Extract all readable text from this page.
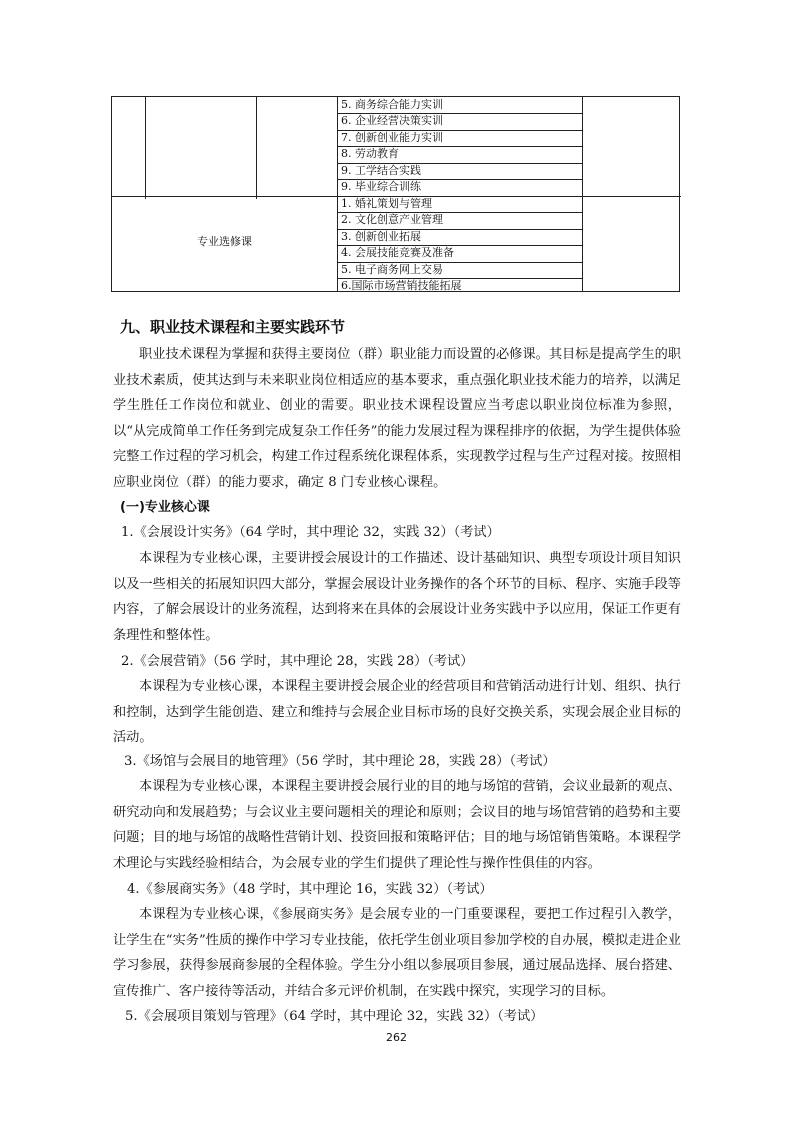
5. 商务综合能力实训
6. 企业经营决策实训
7. 创新创业能力实训
8. 劳动教育
9. 工学结合实践
9. 毕业综合训练
1. 婚礼策划与管理
2. 文化创意产业管理
3. 创新创业拓展
4. 会展技能竞赛及准备
5. 电子商务网上交易
6.国际市场营销技能拓展
专业选修课
九、职业技术课程和主要实践环节

职业技术课程为掌握和获得主要岗位（群）职业能力而设置的必修课。其目标是提高学生的职业技术素质，使其达到与未来职业岗位相适应的基本要求，重点强化职业技术能力的培养，以满足学生胜任工作岗位和就业、创业的需要。职业技术课程设置应当考虑以职业岗位标准为参照，以“从完成简单工作任务到完成复杂工作任务”的能力发展过程为课程排序的依据，为学生提供体验完整工作过程的学习机会，构建工作过程系统化课程体系，实现教学过程与生产过程对接。按照相应职业岗位（群）的能力要求，确定 8 门专业核心课程。

(一)专业核心课
1.《会展设计实务》（64 学时，其中理论 32，实践 32）（考试）

本课程为专业核心课，主要讲授会展设计的工作描述、设计基础知识、典型专项设计项目知识以及一些相关的拓展知识四大部分，掌握会展设计业务操作的各个环节的目标、程序、实施手段等内容，了解会展设计的业务流程，达到将来在具体的会展设计业务实践中予以应用，保证工作更有条理性和整体性。

2.《会展营销》（56 学时，其中理论 28，实践 28）（考试）

本课程为专业核心课，本课程主要讲授会展企业的经营项目和营销活动进行计划、组织、执行和控制，达到学生能创造、建立和维持与会展企业目标市场的良好交换关系，实现会展企业目标的活动。

3.《场馆与会展目的地管理》（56 学时，其中理论 28，实践 28）（考试）

本课程为专业核心课，本课程主要讲授会展行业的目的地与场馆的营销，会议业最新的观点、研究动向和发展趋势；与会议业主要问题相关的理论和原则；会议目的地与场馆营销的趋势和主要问题；目的地与场馆的战略性营销计划、投资回报和策略评估；目的地与场馆销售策略。本课程学术理论与实践经验相结合，为会展专业的学生们提供了理论性与操作性俱佳的内容。

4.《参展商实务》（48 学时，其中理论 16，实践 32）（考试）

本课程为专业核心课，《参展商实务》是会展专业的一门重要课程，要把工作过程引入教学，让学生在“实务”性质的操作中学习专业技能，依托学生创业项目参加学校的自办展，模拟走进企业学习参展，获得参展商参展的全程体验。学生分小组以参展项目参展，通过展品选择、展台搭建、宣传推广、客户接待等活动，并结合多元评价机制，在实践中探究，实现学习的目标。

5.《会展项目策划与管理》（64 学时，其中理论 32，实践 32）（考试）
262
